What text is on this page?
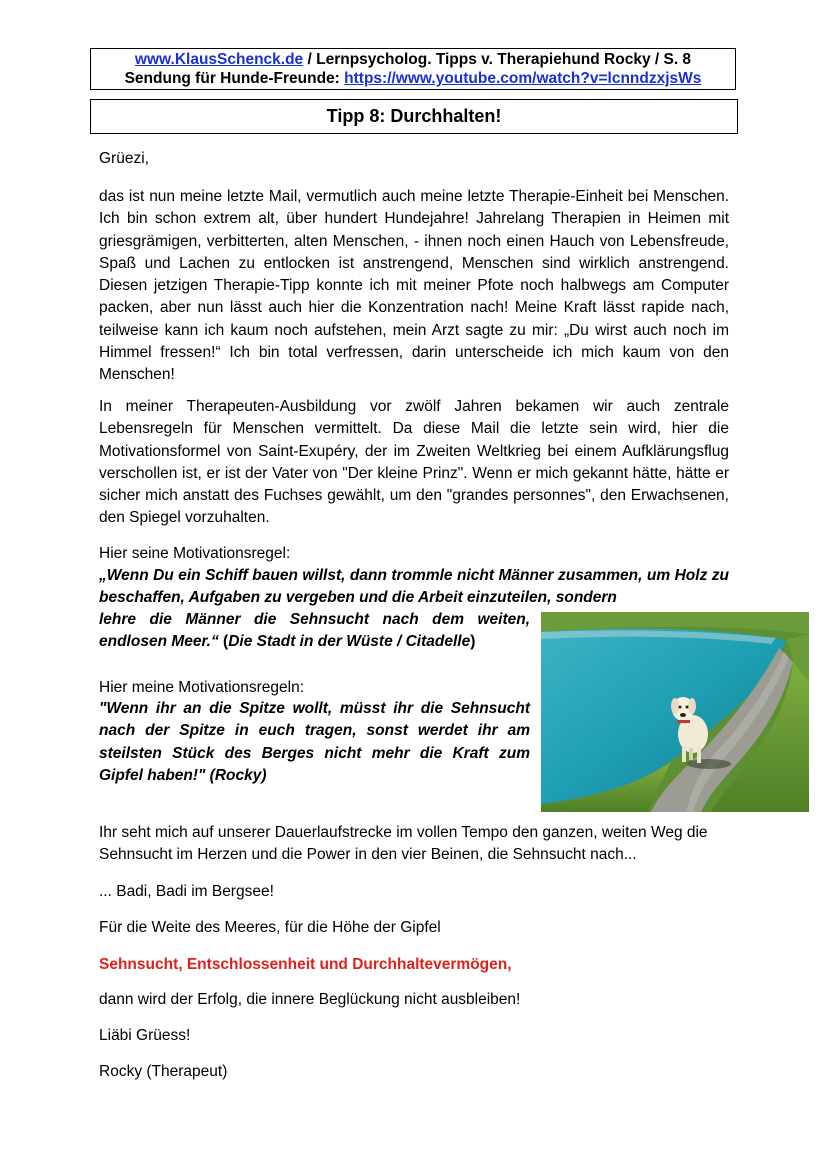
www.KlausSchenck.de / Lernpsycholog. Tipps v. Therapiehund Rocky / S. 8
Sendung für Hunde-Freunde: https://www.youtube.com/watch?v=lcnndzxjsWs
Tipp 8: Durchhalten!
Grüezi,
das ist nun meine letzte Mail, vermutlich auch meine letzte Therapie-Einheit bei Menschen. Ich bin schon extrem alt, über hundert Hundejahre! Jahrelang Therapien in Heimen mit griesgrämigen, verbitterten, alten Menschen, - ihnen noch einen Hauch von Lebensfreude, Spaß und Lachen zu entlocken ist anstrengend, Menschen sind wirklich anstrengend. Diesen jetzigen Therapie-Tipp konnte ich mit meiner Pfote noch halbwegs am Computer packen, aber nun lässt auch hier die Konzentration nach! Meine Kraft lässt rapide nach, teilweise kann ich kaum noch aufstehen, mein Arzt sagte zu mir: „Du wirst auch noch im Himmel fressen!“ Ich bin total verfressen, darin unterscheide ich mich kaum von den Menschen!
In meiner Therapeuten-Ausbildung vor zwölf Jahren bekamen wir auch zentrale Lebensregeln für Menschen vermittelt. Da diese Mail die letzte sein wird, hier die Motivationsformel von Saint-Exupéry, der im Zweiten Weltkrieg bei einem Aufklärungsflug verschollen ist, er ist der Vater von "Der kleine Prinz". Wenn er mich gekannt hätte, hätte er sicher mich anstatt des Fuchses gewählt, um den "grandes personnes", den Erwachsenen, den Spiegel vorzuhalten.
Hier seine Motivationsregel:
„Wenn Du ein Schiff bauen willst, dann trommle nicht Männer zusammen, um Holz zu beschaffen, Aufgaben zu vergeben und die Arbeit einzuteilen, sondern
lehre die Männer die Sehnsucht nach dem weiten, endlosen Meer.“ (Die Stadt in der Wüste / Citadelle)
Hier meine Motivationsregeln:
"Wenn ihr an die Spitze wollt, müsst ihr die Sehnsucht nach der Spitze in euch tragen, sonst werdet ihr am steilsten Stück des Berges nicht mehr die Kraft zum Gipfel haben!" (Rocky)
Ihr seht mich auf unserer Dauerlaufstrecke im vollen Tempo den ganzen, weiten Weg die Sehnsucht im Herzen und die Power in den vier Beinen, die Sehnsucht nach...
... Badi, Badi im Bergsee!
Für die Weite des Meeres, für die Höhe der Gipfel
Sehnsucht, Entschlossenheit und Durchhaltevermögen,
dann wird der Erfolg, die innere Beglückung nicht ausbleiben!
Liäbi Grüess!
Rocky (Therapeut)
